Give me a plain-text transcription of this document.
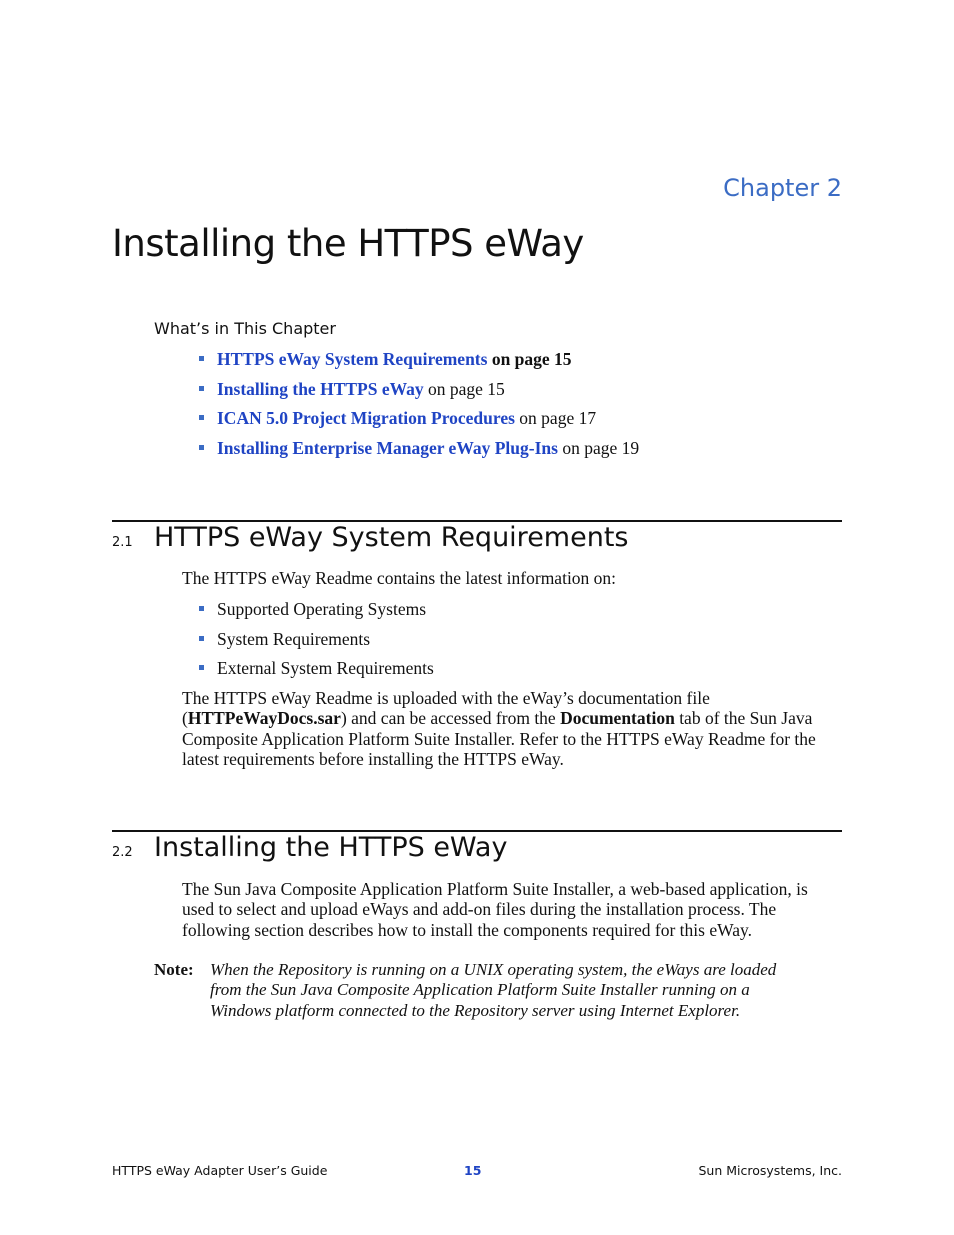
Chapter 2
Installing the HTTPS eWay
What’s in This Chapter
HTTPS eWay System Requirements on page 15
Installing the HTTPS eWay on page 15
ICAN 5.0 Project Migration Procedures on page 17
Installing Enterprise Manager eWay Plug-Ins on page 19
2.1 HTTPS eWay System Requirements
The HTTPS eWay Readme contains the latest information on:
Supported Operating Systems
System Requirements
External System Requirements
The HTTPS eWay Readme is uploaded with the eWay’s documentation file (HTTPeWayDocs.sar) and can be accessed from the Documentation tab of the Sun Java Composite Application Platform Suite Installer. Refer to the HTTPS eWay Readme for the latest requirements before installing the HTTPS eWay.
2.2 Installing the HTTPS eWay
The Sun Java Composite Application Platform Suite Installer, a web-based application, is used to select and upload eWays and add-on files during the installation process. The following section describes how to install the components required for this eWay.
Note: When the Repository is running on a UNIX operating system, the eWays are loaded from the Sun Java Composite Application Platform Suite Installer running on a Windows platform connected to the Repository server using Internet Explorer.
HTTPS eWay Adapter User’s Guide	15	Sun Microsystems, Inc.
